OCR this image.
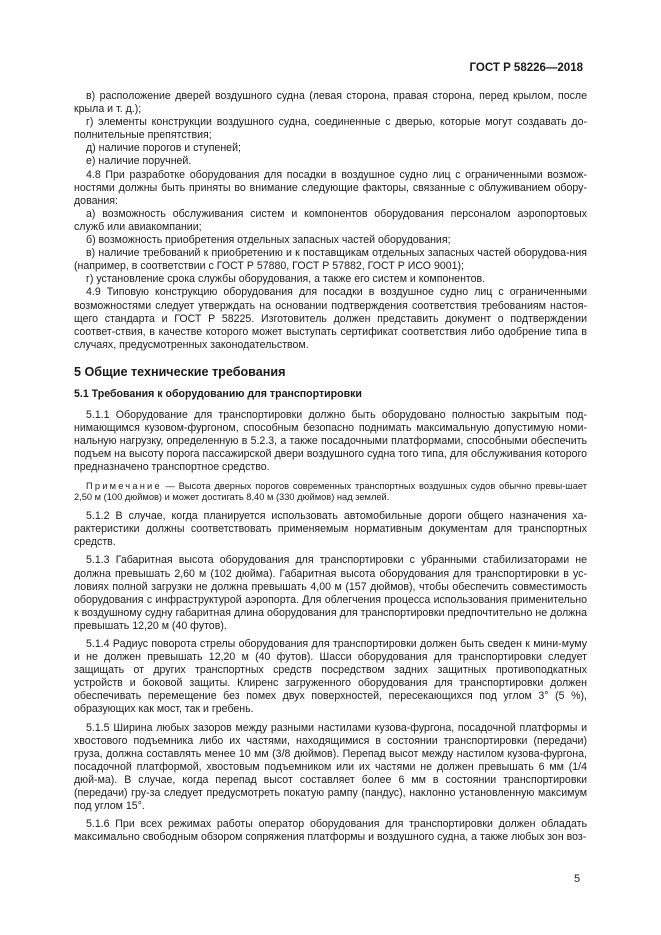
ГОСТ Р 58226—2018

в) расположение дверей воздушного судна (левая сторона, правая сторона, перед крылом, после крыла и т. д.);

г) элементы конструкции воздушного судна, соединенные с дверью, которые могут создавать до-полнительные препятствия;

д) наличие порогов и ступеней;

е) наличие поручней.

4.8 При разработке оборудования для посадки в воздушное судно лиц с ограниченными возмож-ностями должны быть приняты во внимание следующие факторы, связанные с облуживанием обору-дования:

а) возможность обслуживания систем и компонентов оборудования персоналом аэропортовых служб или авиакомпании;

б) возможность приобретения отдельных запасных частей оборудования;

в) наличие требований к приобретению и к поставщикам отдельных запасных частей оборудова-ния (например, в соответствии с ГОСТ Р 57880, ГОСТ Р 57882, ГОСТ Р ИСО 9001);

г) установление срока службы оборудования, а также его систем и компонентов.

4.9 Типовую конструкцию оборудования для посадки в воздушное судно лиц с ограниченными возможностями следует утверждать на основании подтверждения соответствия требованиям настоя-щего стандарта и ГОСТ Р 58225. Изготовитель должен представить документ о подтверждении соответ-ствия, в качестве которого может выступать сертификат соответствия либо одобрение типа в случаях, предусмотренных законодательством.

5 Общие технические требования

5.1 Требования к оборудованию для транспортировки

5.1.1 Оборудование для транспортировки должно быть оборудовано полностью закрытым под-нимающимся кузовом-фургоном, способным безопасно поднимать максимальную допустимую номи-нальную нагрузку, определенную в 5.2.3, а также посадочными платформами, способными обеспечить подъем на высоту порога пассажирской двери воздушного судна того типа, для обслуживания которого предназначено транспортное средство.

Примечание — Высота дверных порогов современных транспортных воздушных судов обычно превы-шает 2,50 м (100 дюймов) и может достигать 8,40 м (330 дюймов) над землей.

5.1.2 В случае, когда планируется использовать автомобильные дороги общего назначения ха-рактеристики должны соответствовать применяемым нормативным документам для транспортных средств.

5.1.3 Габаритная высота оборудования для транспортировки с убранными стабилизаторами не должна превышать 2,60 м (102 дюйма). Габаритная высота оборудования для транспортировки в ус-ловиях полной загрузки не должна превышать 4,00 м (157 дюймов), чтобы обеспечить совместимость оборудования с инфраструктурой аэропорта. Для облегчения процесса использования применительно к воздушному судну габаритная длина оборудования для транспортировки предпочтительно не должна превышать 12,20 м (40 футов).

5.1.4 Радиус поворота стрелы оборудования для транспортировки должен быть сведен к мини-муму и не должен превышать 12,20 м (40 футов). Шасси оборудования для транспортировки следует защищать от других транспортных средств посредством задних защитных противоподкатных устройств и боковой защиты. Клиренс загруженного оборудования для транспортировки должен обеспечивать перемещение без помех двух поверхностей, пересекающихся под углом 3° (5 %), образующих как мост, так и гребень.

5.1.5 Ширина любых зазоров между разными настилами кузова-фургона, посадочной платформы и хвостового подъемника либо их частями, находящимися в состоянии транспортировки (передачи) груза, должна составлять менее 10 мм (3/8 дюймов). Перепад высот между настилом кузова-фургона, посадочной платформой, хвостовым подъемником или их частями не должен превышать 6 мм (1/4 дюй-ма). В случае, когда перепад высот составляет более 6 мм в состоянии транспортировки (передачи) гру-за следует предусмотреть покатую рампу (пандус), наклонно установленную максимум под углом 15°.

5.1.6 При всех режимах работы оператор оборудования для транспортировки должен обладать максимально свободным обзором сопряжения платформы и воздушного судна, а также любых зон воз-

5
